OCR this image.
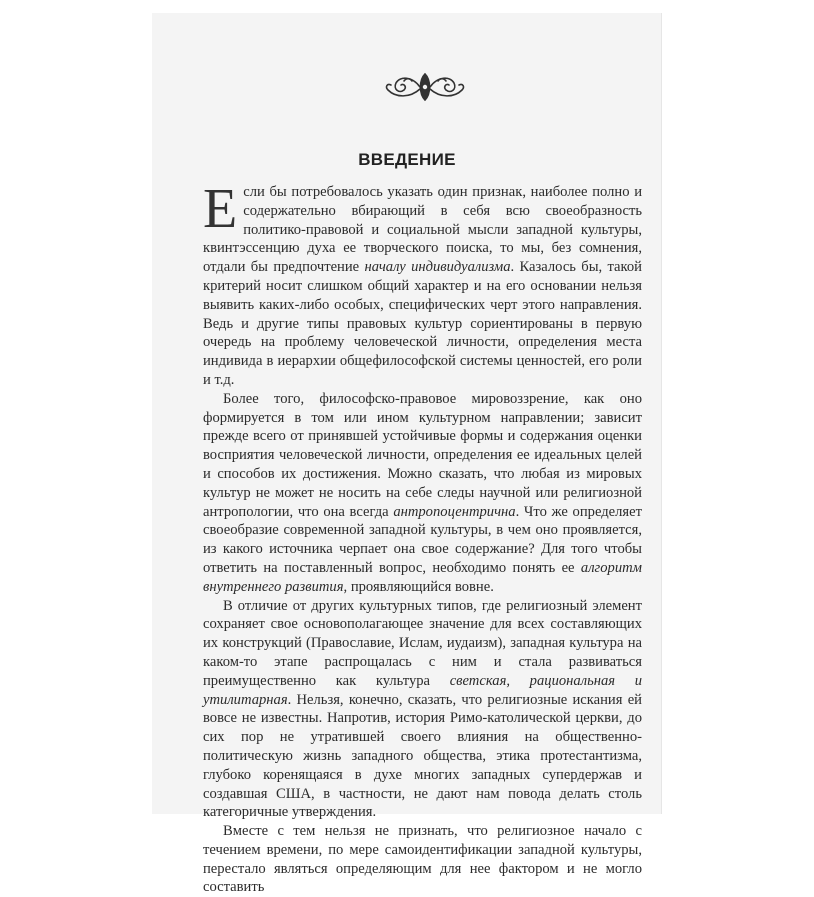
ВВЕДЕНИЕ

Если бы потребовалось указать один признак, наиболее полно и содержательно вбирающий в себя всю своеобразность политико-правовой и социальной мысли западной культуры, квинтэссенцию духа ее творческого поиска, то мы, без сомнения, отдали бы предпочтение началу индивидуализма. Казалось бы, такой критерий носит слишком общий характер и на его основании нельзя выявить каких-либо особых, специфических черт этого направления. Ведь и другие типы правовых культур сориентированы в первую очередь на проблему человеческой личности, определения места индивида в иерархии общефилософской системы ценностей, его роли и т.д.

Более того, философско-правовое мировоззрение, как оно формируется в том или ином культурном направлении; зависит прежде всего от принявшей устойчивые формы и содержания оценки восприятия человеческой личности, определения ее идеальных целей и способов их достижения. Можно сказать, что любая из мировых культур не может не носить на себе следы научной или религиозной антропологии, что она всегда антропоцентрична. Что же определяет своеобразие современной западной культуры, в чем оно проявляется, из какого источника черпает она свое содержание? Для того чтобы ответить на поставленный вопрос, необходимо понять ее алгоритм внутреннего развития, проявляющийся вовне.

В отличие от других культурных типов, где религиозный элемент сохраняет свое основополагающее значение для всех составляющих их конструкций (Православие, Ислам, иудаизм), западная культура на каком-то этапе распрощалась с ним и стала развиваться преимущественно как культура светская, рациональная и утилитарная. Нельзя, конечно, сказать, что религиозные искания ей вовсе не известны. Напротив, история Римо-католической церкви, до сих пор не утратившей своего влияния на общественно-политическую жизнь западного общества, этика протестантизма, глубоко коренящаяся в духе многих западных супердержав и создавшая США, в частности, не дают нам повода делать столь категоричные утверждения.

Вместе с тем нельзя не признать, что религиозное начало с течением времени, по мере самоидентификации западной культуры, перестало являться определяющим для нее фактором и не могло составить
